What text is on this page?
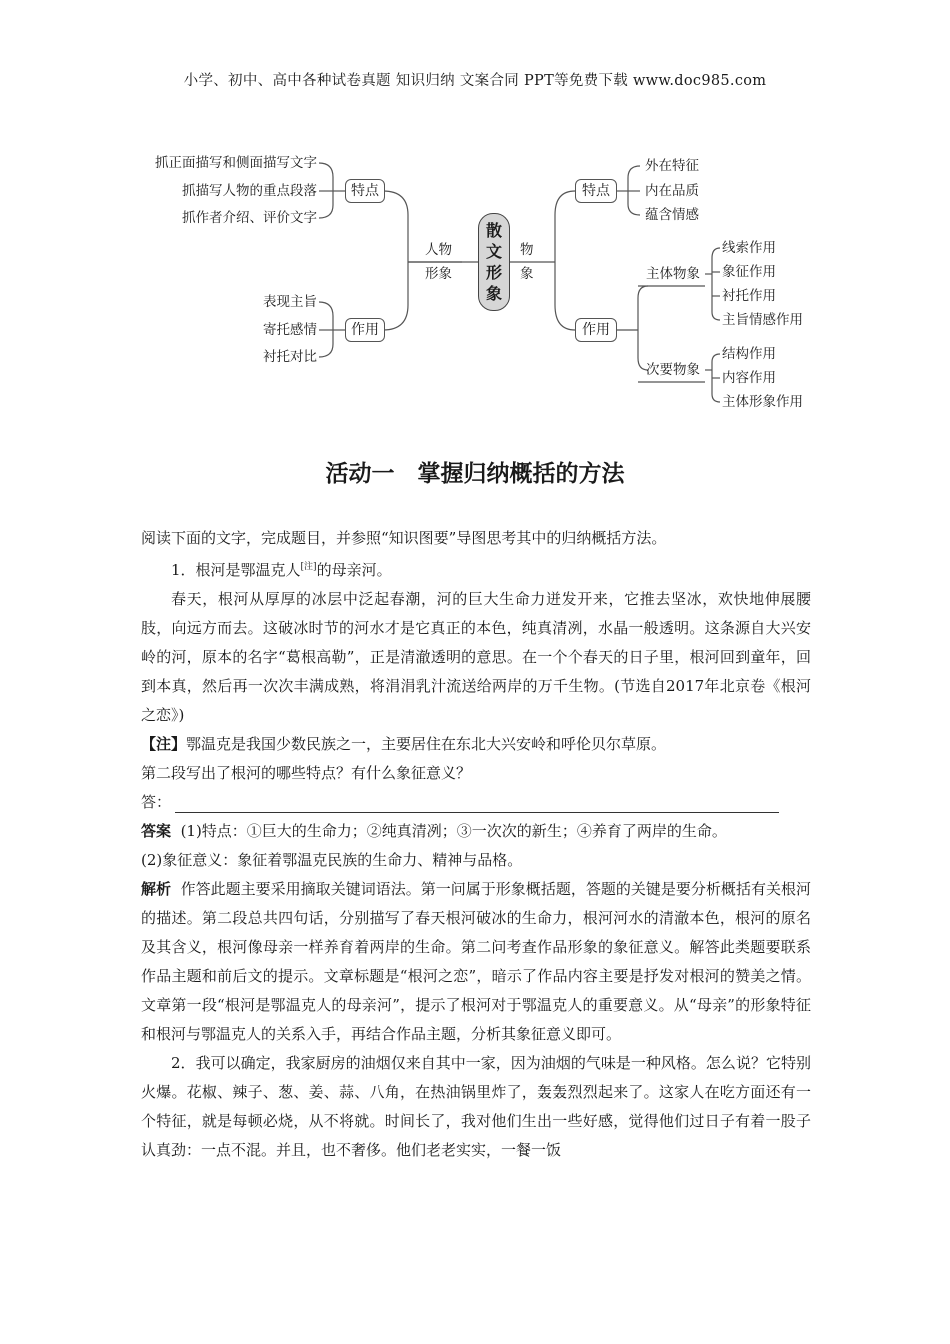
小学、初中、高中各种试卷真题 知识归纳 文案合同 PPT等免费下载 www.doc985.com
抓正面描写和侧面描写文字
抓描写人物的重点段落
抓作者介绍、评价文字
特点
表现主旨
寄托感情
衬托对比
作用
人物
形象
物
象
散
文
形
象
特点
外在特征
内在品质
蕴含情感
作用
主体物象
次要物象
线索作用
象征作用
衬托作用
主旨情感作用
结构作用
内容作用
主体形象作用
活动一　掌握归纳概括的方法

阅读下面的文字，完成题目，并参照“知识图要”导图思考其中的归纳概括方法。

1．根河是鄂温克人[注]的母亲河。

春天，根河从厚厚的冰层中泛起春潮，河的巨大生命力迸发开来，它推去坚冰，欢快地伸展腰肢，向远方而去。这破冰时节的河水才是它真正的本色，纯真清冽，水晶一般透明。这条源自大兴安岭的河，原本的名字“葛根高勒”，正是清澈透明的意思。在一个个春天的日子里，根河回到童年，回到本真，然后再一次次丰满成熟，将涓涓乳汁流送给两岸的万千生物。(节选自2017年北京卷《根河之恋》)

【注】鄂温克是我国少数民族之一，主要居住在东北大兴安岭和呼伦贝尔草原。

第二段写出了根河的哪些特点？有什么象征意义？

答：

答案 (1)特点：①巨大的生命力；②纯真清冽；③一次次的新生；④养育了两岸的生命。

(2)象征意义：象征着鄂温克民族的生命力、精神与品格。

解析 作答此题主要采用摘取关键词语法。第一问属于形象概括题，答题的关键是要分析概括有关根河的描述。第二段总共四句话，分别描写了春天根河破冰的生命力，根河河水的清澈本色，根河的原名及其含义，根河像母亲一样养育着两岸的生命。第二问考查作品形象的象征意义。解答此类题要联系作品主题和前后文的提示。文章标题是“根河之恋”，暗示了作品内容主要是抒发对根河的赞美之情。文章第一段“根河是鄂温克人的母亲河”，提示了根河对于鄂温克人的重要意义。从“母亲”的形象特征和根河与鄂温克人的关系入手，再结合作品主题，分析其象征意义即可。

2．我可以确定，我家厨房的油烟仅来自其中一家，因为油烟的气味是一种风格。怎么说？它特别火爆。花椒、辣子、葱、姜、蒜、八角，在热油锅里炸了，轰轰烈烈起来了。这家人在吃方面还有一个特征，就是每顿必烧，从不将就。时间长了，我对他们生出一些好感，觉得他们过日子有着一股子认真劲：一点不混。并且，也不奢侈。他们老老实实，一餐一饭
